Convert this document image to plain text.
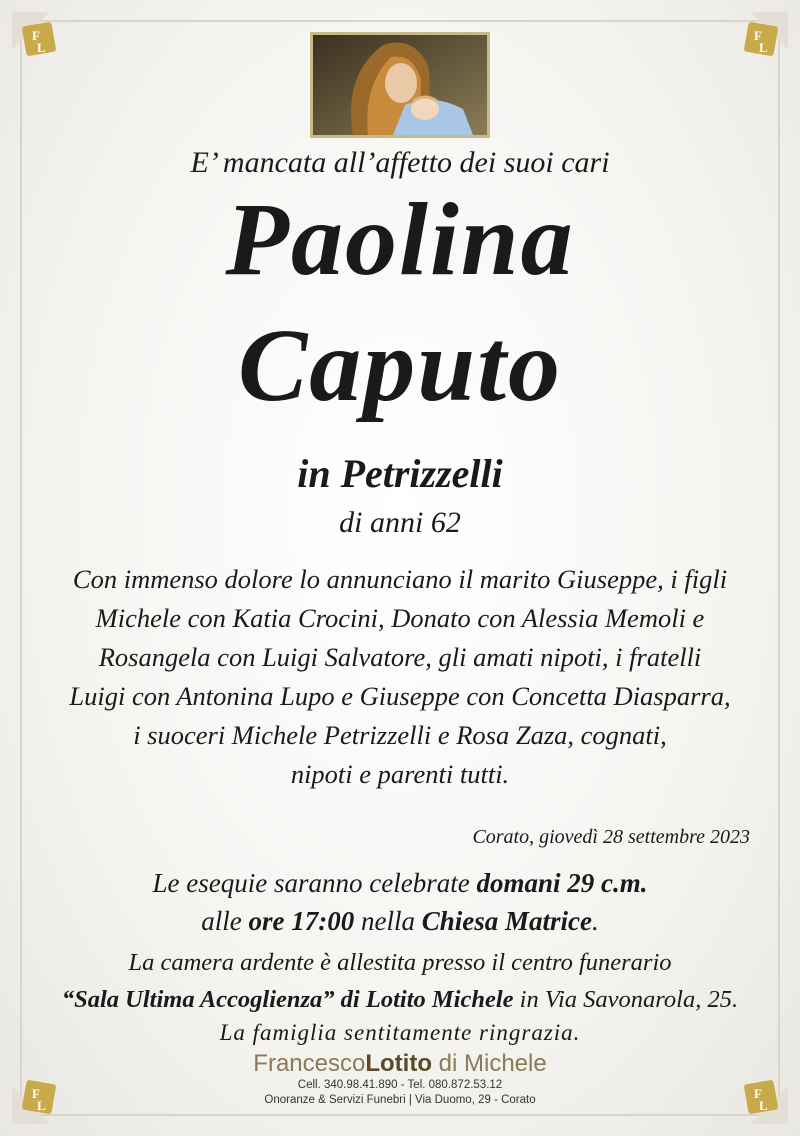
F
L
F
L
F
L
F
L
E’ mancata all’affetto dei suoi cari
Paolina
Caputo
in Petrizzelli
di anni 62
Con immenso dolore lo annunciano il marito Giuseppe, i figli
Michele con Katia Crocini, Donato con Alessia Memoli e
Rosangela con Luigi Salvatore, gli amati nipoti, i fratelli
Luigi con Antonina Lupo e Giuseppe con Concetta Diasparra,
i suoceri Michele Petrizzelli e Rosa Zaza, cognati,
nipoti e parenti tutti.
Corato, giovedì 28 settembre 2023
Le esequie saranno celebrate domani 29 c.m.
alle ore 17:00 nella Chiesa Matrice.
La camera ardente è allestita presso il centro funerario
“Sala Ultima Accoglienza” di Lotito Michele in Via Savonarola, 25.
La famiglia sentitamente ringrazia.
FrancescoLotito di Michele
Cell. 340.98.41.890 - Tel. 080.872.53.12
Onoranze & Servizi Funebri | Via Duomo, 29 - Corato
